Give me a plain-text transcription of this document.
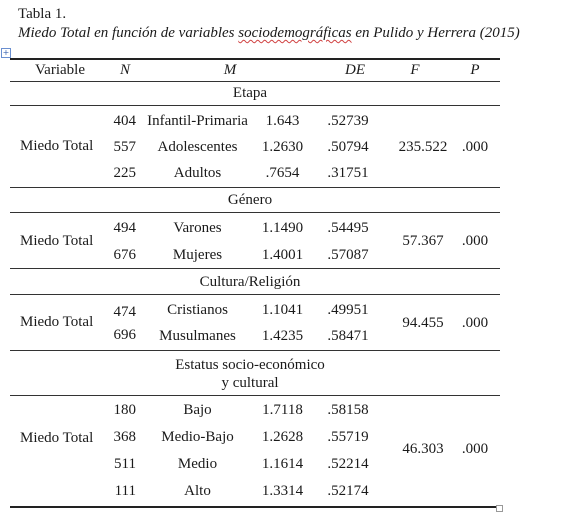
Tabla 1.
Miedo Total en función de variables sociodemográficas en Pulido y Herrera (2015)
+
Variable	N	M	DE	F	P
Etapa
Miedo Total
404 Infantil-Primaria	1.643	.52739
557	Adolescentes	1.2630	.50794
225	Adultos	.7654	.31751
235.522 .000
Género
Miedo Total
494	Varones	1.1490	.54495
676	Mujeres	1.4001	.57087
57.367	.000
Cultura/Religión
Miedo Total
474	Cristianos	1.1041	.49951
696	Musulmanes	1.4235	.58471
94.455	.000
Estatus socio-económico
y cultural
Miedo Total
180	Bajo	1.7118	.58158
368	Medio-Bajo	1.2628	.55719
511	Medio	1.1614	.52214
111	Alto	1.3314	.52174
46.303	.000
